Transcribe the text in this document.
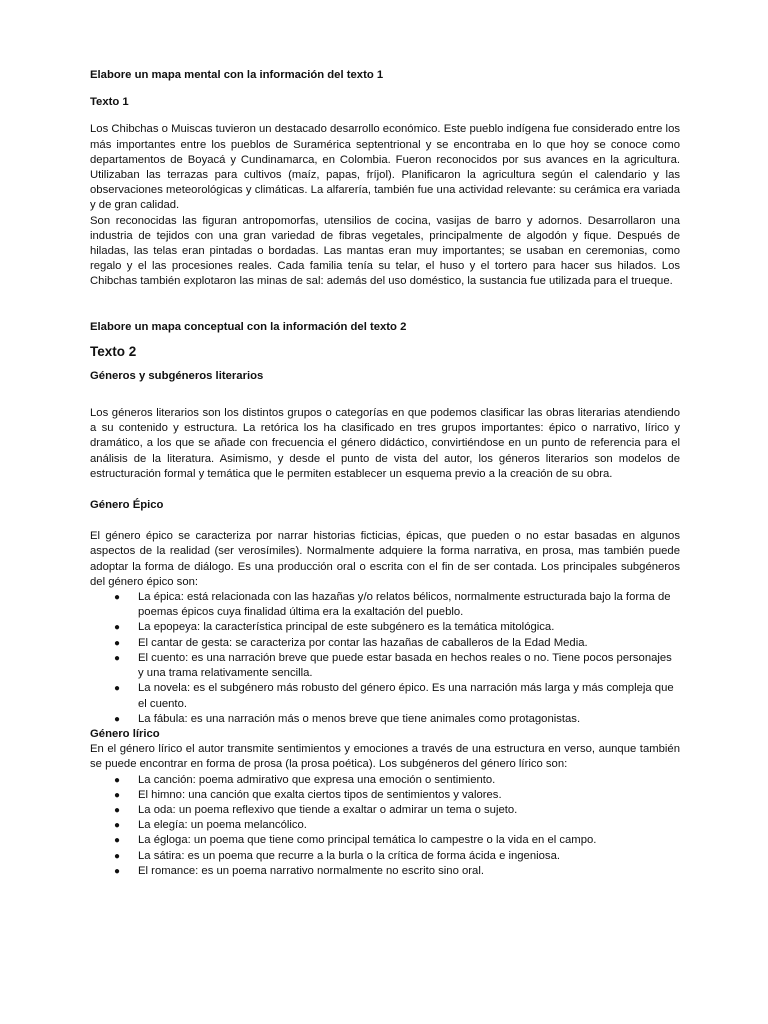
Elabore un mapa mental con la información del texto 1

Texto 1

Los Chibchas o Muiscas tuvieron un destacado desarrollo económico. Este pueblo indígena fue considerado entre los más importantes entre los pueblos de Suramérica septentrional y se encontraba en lo que hoy se conoce como departamentos de Boyacá y Cundinamarca, en Colombia. Fueron reconocidos por sus avances en la agricultura. Utilizaban las terrazas para cultivos (maíz, papas, fríjol). Planificaron la agricultura según el calendario y las observaciones meteorológicas y climáticas. La alfarería, también fue una actividad relevante: su cerámica era variada y de gran calidad.

Son reconocidas las figuran antropomorfas, utensilios de cocina, vasijas de barro y adornos. Desarrollaron una industria de tejidos con una gran variedad de fibras vegetales, principalmente de algodón y fique. Después de hiladas, las telas eran pintadas o bordadas. Las mantas eran muy importantes; se usaban en ceremonias, como regalo y el las procesiones reales. Cada familia tenía su telar, el huso y el tortero para hacer sus hilados. Los Chibchas también explotaron las minas de sal: además del uso doméstico, la sustancia fue utilizada para el trueque.

Elabore un mapa conceptual con la información del texto 2

Texto 2

Géneros y subgéneros literarios

Los géneros literarios son los distintos grupos o categorías en que podemos clasificar las obras literarias atendiendo a su contenido y estructura. La retórica los ha clasificado en tres grupos importantes: épico o narrativo, lírico y dramático, a los que se añade con frecuencia el género didáctico, convirtiéndose en un punto de referencia para el análisis de la literatura. Asimismo, y desde el punto de vista del autor, los géneros literarios son modelos de estructuración formal y temática que le permiten establecer un esquema previo a la creación de su obra.

Género Épico

El género épico se caracteriza por narrar historias ficticias, épicas, que pueden o no estar basadas en algunos aspectos de la realidad (ser verosímiles). Normalmente adquiere la forma narrativa, en prosa, mas también puede adoptar la forma de diálogo. Es una producción oral o escrita con el fin de ser contada. Los principales subgéneros del género épico son:

● La épica: está relacionada con las hazañas y/o relatos bélicos, normalmente estructurada bajo la forma de poemas épicos cuya finalidad última era la exaltación del pueblo.
● La epopeya: la característica principal de este subgénero es la temática mitológica.
● El cantar de gesta: se caracteriza por contar las hazañas de caballeros de la Edad Media.
● El cuento: es una narración breve que puede estar basada en hechos reales o no. Tiene pocos personajes y una trama relativamente sencilla.
● La novela: es el subgénero más robusto del género épico. Es una narración más larga y más compleja que el cuento.
● La fábula: es una narración más o menos breve que tiene animales como protagonistas.

Género lírico

En el género lírico el autor transmite sentimientos y emociones a través de una estructura en verso, aunque también se puede encontrar en forma de prosa (la prosa poética). Los subgéneros del género lírico son:

● La canción: poema admirativo que expresa una emoción o sentimiento.
● El himno: una canción que exalta ciertos tipos de sentimientos y valores.
● La oda: un poema reflexivo que tiende a exaltar o admirar un tema o sujeto.
● La elegía: un poema melancólico.
● La égloga: un poema que tiene como principal temática lo campestre o la vida en el campo.
● La sátira: es un poema que recurre a la burla o la crítica de forma ácida e ingeniosa.
● El romance: es un poema narrativo normalmente no escrito sino oral.
